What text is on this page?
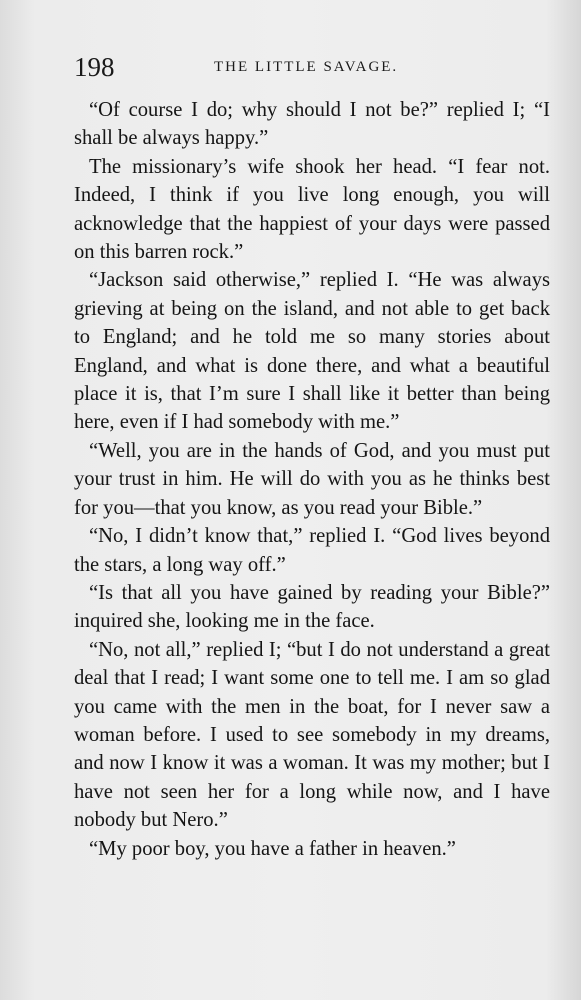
198	THE LITTLE SAVAGE.

“Of course I do; why should I not be?” replied I; “I shall be always happy.”

The missionary’s wife shook her head. “I fear not. Indeed, I think if you live long enough, you will acknowledge that the happiest of your days were passed on this barren rock.”

“Jackson said otherwise,” replied I. “He was always grieving at being on the island, and not able to get back to England; and he told me so many stories about England, and what is done there, and what a beautiful place it is, that I’m sure I shall like it better than being here, even if I had somebody with me.”

“Well, you are in the hands of God, and you must put your trust in him. He will do with you as he thinks best for you—that you know, as you read your Bible.”

“No, I didn’t know that,” replied I. “God lives beyond the stars, a long way off.”

“Is that all you have gained by reading your Bible?” inquired she, looking me in the face.

“No, not all,” replied I; “but I do not understand a great deal that I read; I want some one to tell me. I am so glad you came with the men in the boat, for I never saw a woman before. I used to see somebody in my dreams, and now I know it was a woman. It was my mother; but I have not seen her for a long while now, and I have nobody but Nero.”

“My poor boy, you have a father in heaven.”
